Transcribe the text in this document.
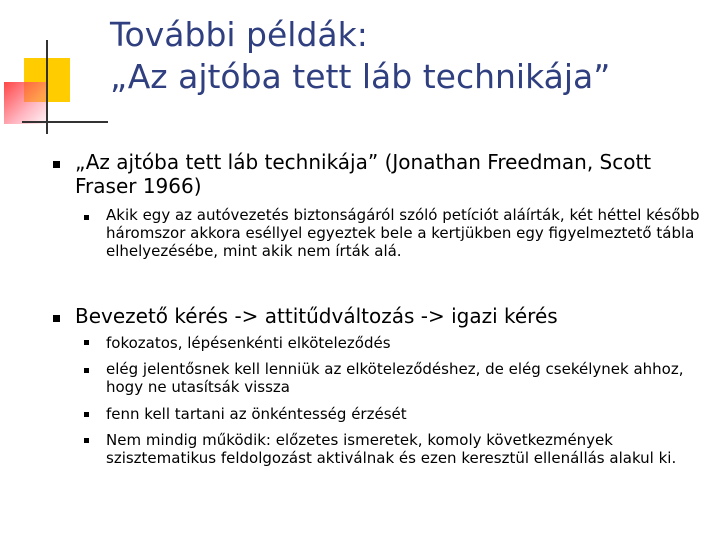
További példák:
„Az ajtóba tett láb technikája”

„Az ajtóba tett láb technikája” (Jonathan Freedman, Scott Fraser 1966)

Akik egy az autóvezetés biztonságáról szóló petíciót aláírták, két héttel később háromszor akkora eséllyel egyeztek bele a kertjükben egy figyelmeztető tábla elhelyezésébe, mint akik nem írták alá.

Bevezető kérés -> attitűdváltozás -> igazi kérés

fokozatos, lépésenkénti elköteleződés

elég jelentősnek kell lenniük az elköteleződéshez, de elég csekélynek ahhoz, hogy ne utasítsák vissza

fenn kell tartani az önkéntesség érzését

Nem mindig működik: előzetes ismeretek, komoly következmények szisztematikus feldolgozást aktiválnak és ezen keresztül ellenállás alakul ki.
